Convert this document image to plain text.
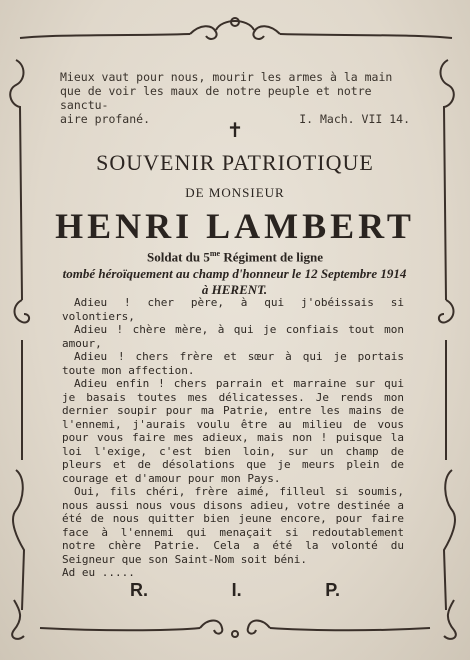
Mieux vaut pour nous, mourir les armes à la main
que de voir les maux de notre peuple et notre sanctu-
aire profané.	I. Mach. VII 14.
✝
SOUVENIR PATRIOTIQUE
DE MONSIEUR
HENRI LAMBERT
Soldat du $5^{me}$ Régiment de ligne
tombé héroïquement au champ d'honneur le 12 Septembre 1914 à HERENT.

Adieu ! cher père, à qui j'obéissais si volontiers,

Adieu ! chère mère, à qui je confiais tout mon amour,

Adieu ! chers frère et sœur à qui je portais toute mon affection.

Adieu enfin ! chers parrain et marraine sur qui je basais toutes mes délicatesses. Je rends mon dernier soupir pour ma Patrie, entre les mains de l'ennemi, j'aurais voulu être au milieu de vous pour vous faire mes adieux, mais non ! puisque la loi l'exige, c'est bien loin, sur un champ de pleurs et de désolations que je meurs plein de courage et d'amour pour mon Pays.

Oui, fils chéri, frère aimé, filleul si soumis, nous aussi nous vous disons adieu, votre destinée a été de nous quitter bien jeune encore, pour faire face à l'ennemi qui menaçait si redoutablement notre chère Patrie. Cela a été la volonté du Seigneur que son Saint-Nom soit béni.

Ad eu .....

R.	I.	P.
